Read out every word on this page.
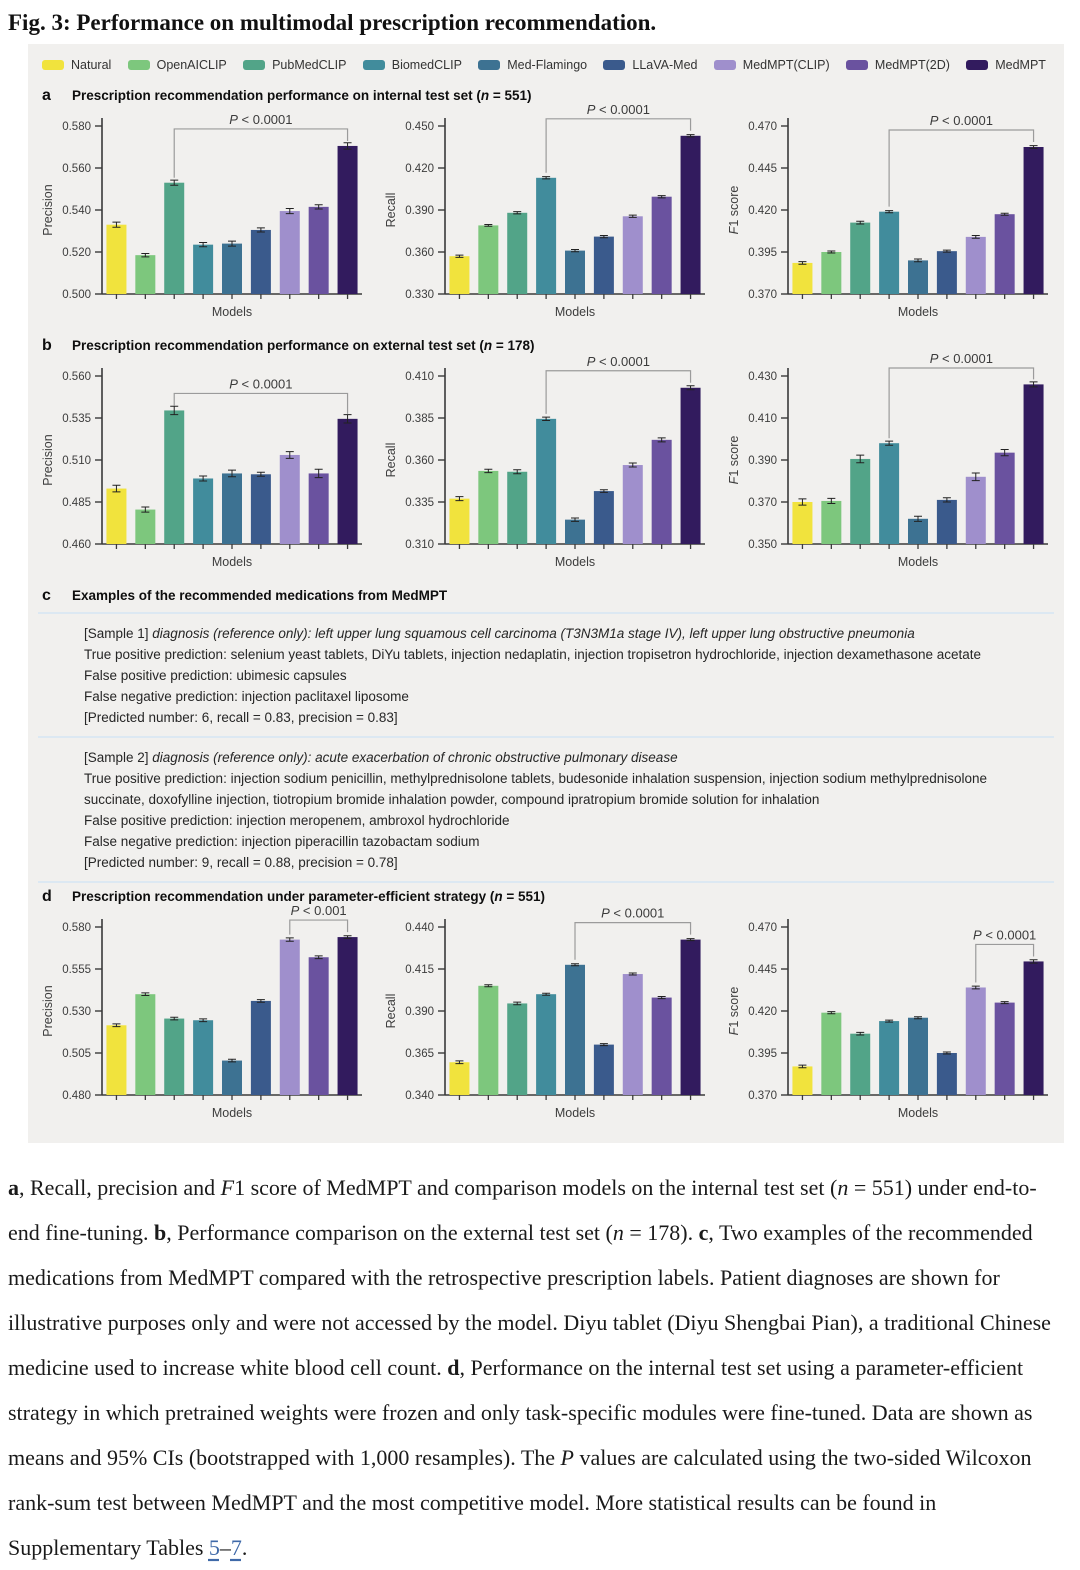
Fig. 3: Performance on multimodal prescription recommendation.
Natural	OpenAICLIP	PubMedCLIP	BiomedCLIP	Med-Flamingo	LLaVA-Med	MedMPT(CLIP)	MedMPT(2D)	MedMPT
a	Prescription recommendation performance on internal test set (n = 551)
Precision
0.500
0.520
0.540
0.560
0.580
P < 0.0001
Models
Recall
0.330
0.360
0.390
0.420
0.450
P < 0.0001
Models
F1 score
0.370
0.395
0.420
0.445
0.470	P < 0.0001
Models
b	Prescription recommendation performance on external test set (n = 178)
Precision
0.460
0.485
0.510
0.535
0.560	P < 0.0001
Models
Recall
0.310
0.335
0.360
0.385
0.410
P < 0.0001
Models
F1 score
0.350
0.370
0.390
0.410
0.430
P < 0.0001
Models
c	Examples of the recommended medications from MedMPT
[Sample 1] diagnosis (reference only): left upper lung squamous cell carcinoma (T3N3M1a stage IV), left upper lung obstructive pneumonia
True positive prediction: selenium yeast tablets, DiYu tablets, injection nedaplatin, injection tropisetron hydrochloride, injection dexamethasone acetate
False positive prediction: ubimesic capsules
False negative prediction: injection paclitaxel liposome
[Predicted number: 6, recall = 0.83, precision = 0.83]
[Sample 2] diagnosis (reference only): acute exacerbation of chronic obstructive pulmonary disease
True positive prediction: injection sodium penicillin, methylprednisolone tablets, budesonide inhalation suspension, injection sodium methylprednisolone succinate, doxofylline injection, tiotropium bromide inhalation powder, compound ipratropium bromide solution for inhalation
False positive prediction: injection meropenem, ambroxol hydrochloride
False negative prediction: injection piperacillin tazobactam sodium
[Predicted number: 9, recall = 0.88, precision = 0.78]
d	Prescription recommendation under parameter-efficient strategy (n = 551)
Precision
0.480
0.505
0.530
0.555
0.580
P < 0.001
Models
Recall
0.340
0.365
0.390
0.415
0.440
P < 0.0001
Models
F1 score
0.370
0.395
0.420
0.445
0.470	P < 0.0001
Models

a, Recall, precision and F1 score of MedMPT and comparison models on the internal test set (n = 551) under end-to-end fine-tuning. b, Performance comparison on the external test set (n = 178). c, Two examples of the recommended medications from MedMPT compared with the retrospective prescription labels. Patient diagnoses are shown for illustrative purposes only and were not accessed by the model. Diyu tablet (Diyu Shengbai Pian), a traditional Chinese medicine used to increase white blood cell count. d, Performance on the internal test set using a parameter-efficient strategy in which pretrained weights were frozen and only task-specific modules were fine-tuned. Data are shown as means and 95% CIs (bootstrapped with 1,000 resamples). The P values are calculated using the two-sided Wilcoxon rank-sum test between MedMPT and the most competitive model. More statistical results can be found in Supplementary Tables 5–7.
